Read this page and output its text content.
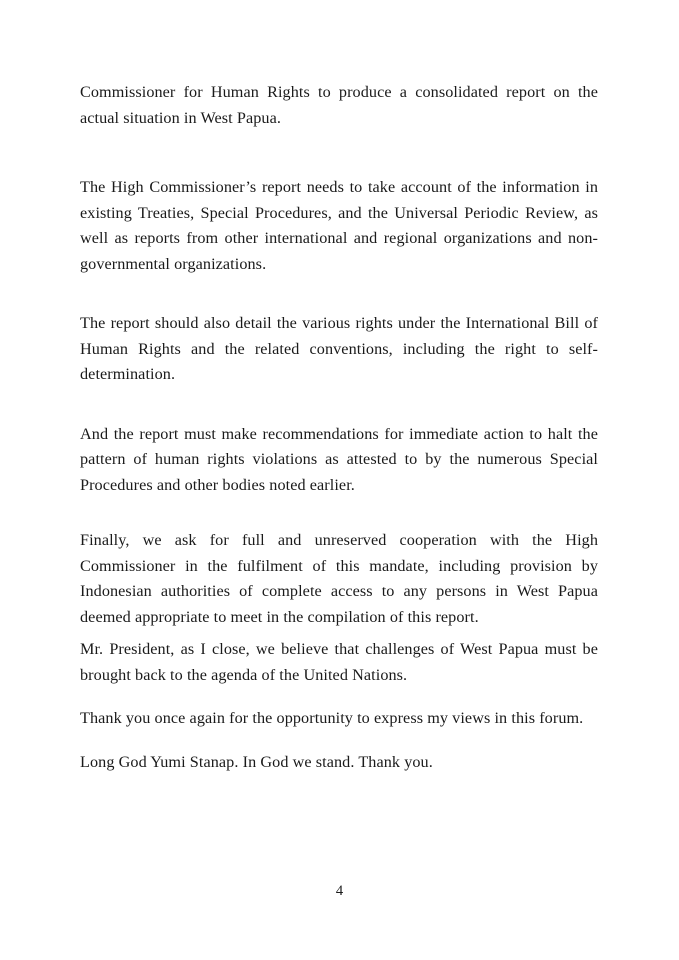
Commissioner for Human Rights to produce a consolidated report on the actual situation in West Papua.

The High Commissioner’s report needs to take account of the information in existing Treaties, Special Procedures, and the Universal Periodic Review, as well as reports from other international and regional organizations and non-governmental organizations.

The report should also detail the various rights under the International Bill of Human Rights and the related conventions, including the right to self-determination.

And the report must make recommendations for immediate action to halt the pattern of human rights violations as attested to by the numerous Special Procedures and other bodies noted earlier.

Finally, we ask for full and unreserved cooperation with the High Commissioner in the fulfilment of this mandate, including provision by Indonesian authorities of complete access to any persons in West Papua deemed appropriate to meet in the compilation of this report.

Mr. President, as I close, we believe that challenges of West Papua must be brought back to the agenda of the United Nations.

Thank you once again for the opportunity to express my views in this forum.

Long God Yumi Stanap. In God we stand. Thank you.

4
